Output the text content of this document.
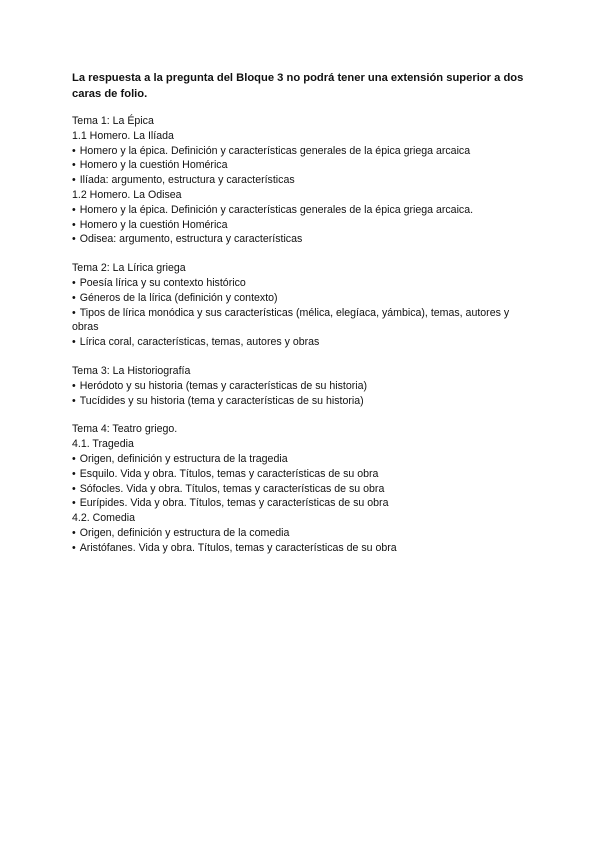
La respuesta a la pregunta del Bloque 3 no podrá tener una extensión superior a dos caras de folio.

Tema 1: La Épica

1.1 Homero. La Ilíada

• Homero y la épica. Definición y características generales de la épica griega arcaica

• Homero y la cuestión Homérica

• Ilíada: argumento, estructura y características

1.2 Homero. La Odisea

• Homero y la épica. Definición y características generales de la épica griega arcaica.

• Homero y la cuestión Homérica

• Odisea: argumento, estructura y características

Tema 2: La Lírica griega

• Poesía lírica y su contexto histórico

• Géneros de la lírica (definición y contexto)

• Tipos de lírica monódica y sus características (mélica, elegíaca, yámbica), temas, autores y obras

• Lírica coral, características, temas, autores y obras

Tema 3: La Historiografía

• Heródoto y su historia (temas y características de su historia)

• Tucídides y su historia (tema y características de su historia)

Tema 4: Teatro griego.

4.1. Tragedia

• Origen, definición y estructura de la tragedia

• Esquilo. Vida y obra. Títulos, temas y características de su obra

• Sófocles. Vida y obra. Títulos, temas y características de su obra

• Eurípides. Vida y obra. Títulos, temas y características de su obra

4.2. Comedia

• Origen, definición y estructura de la comedia

• Aristófanes. Vida y obra. Títulos, temas y características de su obra
